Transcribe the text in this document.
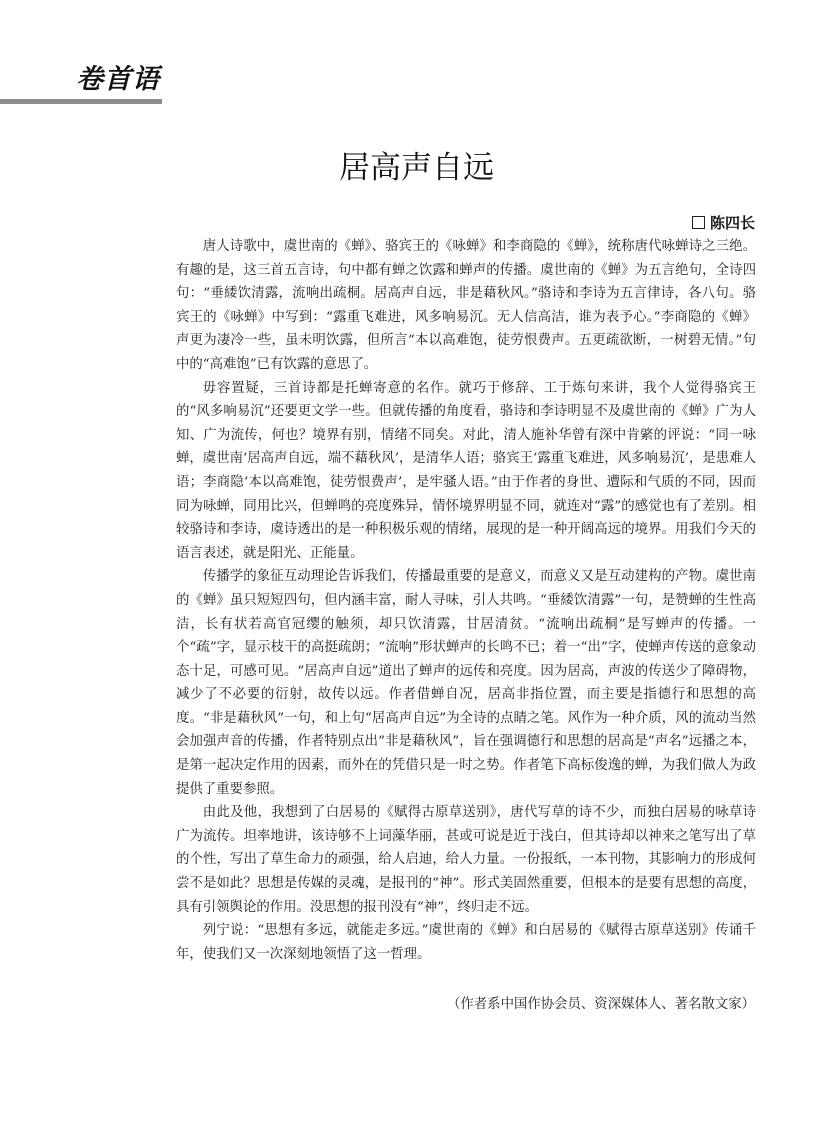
卷首语
居高声自远
陈四长

唐人诗歌中，虞世南的《蝉》、骆宾王的《咏蝉》和李商隐的《蝉》，统称唐代咏蝉诗之三绝。有趣的是，这三首五言诗，句中都有蝉之饮露和蝉声的传播。虞世南的《蝉》为五言绝句，全诗四句：“垂緌饮清露，流响出疏桐。居高声自远，非是藉秋风。”骆诗和李诗为五言律诗，各八句。骆宾王的《咏蝉》中写到：“露重飞难进，风多响易沉。无人信高洁，谁为表予心。”李商隐的《蝉》声更为凄冷一些，虽未明饮露，但所言“本以高难饱，徒劳恨费声。五更疏欲断，一树碧无情。”句中的“高难饱”已有饮露的意思了。

毋容置疑，三首诗都是托蝉寄意的名作。就巧于修辞、工于炼句来讲，我个人觉得骆宾王的“风多响易沉”还要更文学一些。但就传播的角度看，骆诗和李诗明显不及虞世南的《蝉》广为人知、广为流传，何也？境界有别，情绪不同矣。对此，清人施补华曾有深中肯綮的评说：“同一咏蝉，虞世南‘居高声自远，端不藉秋风’，是清华人语；骆宾王‘露重飞难进，风多响易沉’，是患难人语；李商隐‘本以高难饱，徒劳恨费声’，是牢骚人语。”由于作者的身世、遭际和气质的不同，因而同为咏蝉，同用比兴，但蝉鸣的亮度殊异，情怀境界明显不同，就连对“露”的感觉也有了差别。相较骆诗和李诗，虞诗透出的是一种积极乐观的情绪，展现的是一种开阔高远的境界。用我们今天的语言表述，就是阳光、正能量。

传播学的象征互动理论告诉我们，传播最重要的是意义，而意义又是互动建构的产物。虞世南的《蝉》虽只短短四句，但内涵丰富，耐人寻味，引人共鸣。“垂緌饮清露”一句，是赞蝉的生性高洁，长有状若高官冠缨的触须，却只饮清露，甘居清贫。“流响出疏桐”是写蝉声的传播。一个“疏”字，显示枝干的高挺疏朗；“流响”形状蝉声的长鸣不已；着一“出”字，使蝉声传送的意象动态十足，可感可见。“居高声自远”道出了蝉声的远传和亮度。因为居高，声波的传送少了障碍物，减少了不必要的衍射，故传以远。作者借蝉自况，居高非指位置，而主要是指德行和思想的高度。“非是藉秋风”一句，和上句“居高声自远”为全诗的点睛之笔。风作为一种介质，风的流动当然会加强声音的传播，作者特别点出“非是藉秋风”，旨在强调德行和思想的居高是“声名”远播之本，是第一起决定作用的因素，而外在的凭借只是一时之势。作者笔下高标俊逸的蝉，为我们做人为政提供了重要参照。

由此及他，我想到了白居易的《赋得古原草送别》，唐代写草的诗不少，而独白居易的咏草诗广为流传。坦率地讲，该诗够不上词藻华丽，甚或可说是近于浅白，但其诗却以神来之笔写出了草的个性，写出了草生命力的顽强，给人启迪，给人力量。一份报纸，一本刊物，其影响力的形成何尝不是如此？思想是传媒的灵魂，是报刊的“神”。形式美固然重要，但根本的是要有思想的高度，具有引领舆论的作用。没思想的报刊没有“神”，终归走不远。

列宁说：“思想有多远，就能走多远。”虞世南的《蝉》和白居易的《赋得古原草送别》传诵千年，使我们又一次深刻地领悟了这一哲理。

（作者系中国作协会员、资深媒体人、著名散文家）
